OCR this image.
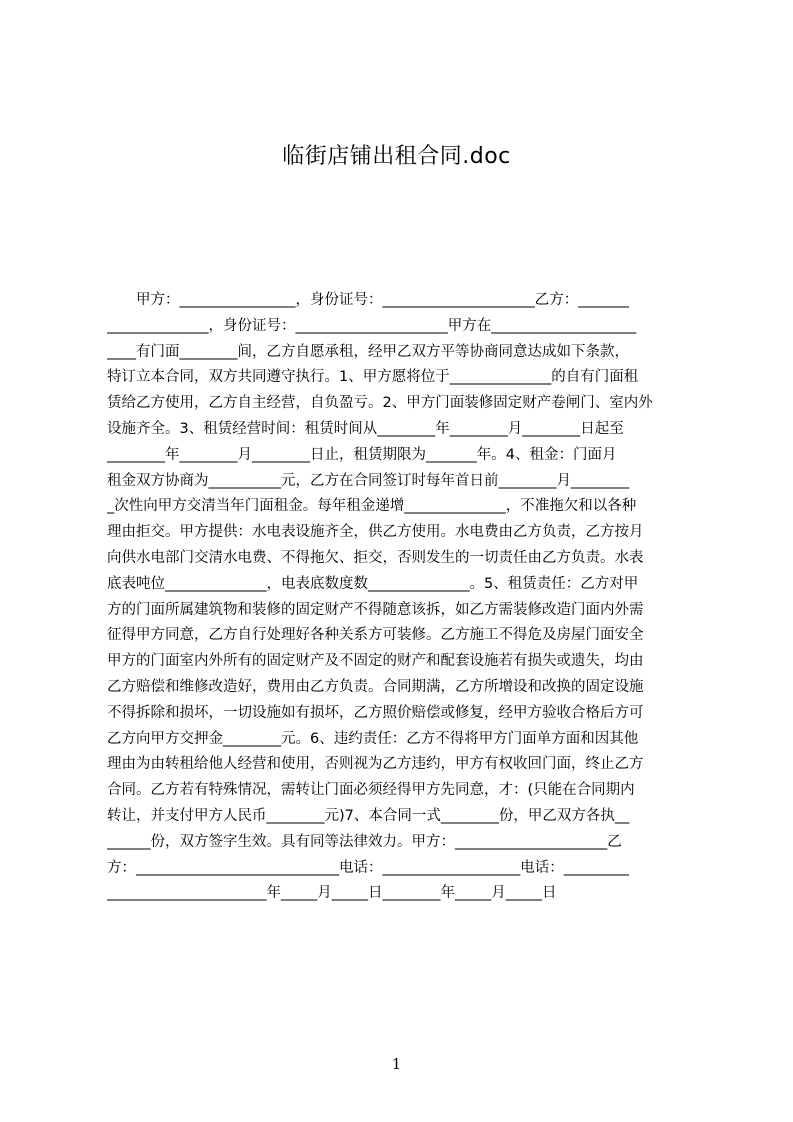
临街店铺出租合同.doc
　　甲方：________________，身份证号：_____________________乙方：_______
______________，身份证号：_____________________甲方在____________________
____有门面________间，乙方自愿承租，经甲乙双方平等协商同意达成如下条款，
特订立本合同，双方共同遵守执行。1、甲方愿将位于______________的自有门面租
赁给乙方使用，乙方自主经营，自负盈亏。2、甲方门面装修固定财产卷闸门、室内外
设施齐全。3、租赁经营时间：租赁时间从________年________月________日起至
________年________月________日止，租赁期限为_______年。4、租金：门面月
租金双方协商为__________元，乙方在合同签订时每年首日前________月________
_次性向甲方交清当年门面租金。每年租金递增______________，不准拖欠和以各种
理由拒交。甲方提供：水电表设施齐全，供乙方使用。水电费由乙方负责，乙方按月
向供水电部门交清水电费、不得拖欠、拒交，否则发生的一切责任由乙方负责。水表
底表吨位______________，电表底数度数______________。5、租赁责任：乙方对甲
方的门面所属建筑物和装修的固定财产不得随意该拆，如乙方需装修改造门面内外需
征得甲方同意，乙方自行处理好各种关系方可装修。乙方施工不得危及房屋门面安全
甲方的门面室内外所有的固定财产及不固定的财产和配套设施若有损失或遗失，均由
乙方赔偿和维修改造好，费用由乙方负责。合同期满，乙方所增设和改换的固定设施
不得拆除和损坏，一切设施如有损坏，乙方照价赔偿或修复，经甲方验收合格后方可
乙方向甲方交押金________元。6、违约责任：乙方不得将甲方门面单方面和因其他
理由为由转租给他人经营和使用，否则视为乙方违约，甲方有权收回门面，终止乙方
合同。乙方若有特殊情况，需转让门面必须经得甲方先同意，才：(只能在合同期内
转让，并支付甲方人民币________元)7、本合同一式________份，甲乙双方各执__
______份，双方签字生效。具有同等法律效力。甲方：_____________________乙
方：____________________________电话：___________________电话：_________
______________________年_____月_____日________年_____月_____日
1
